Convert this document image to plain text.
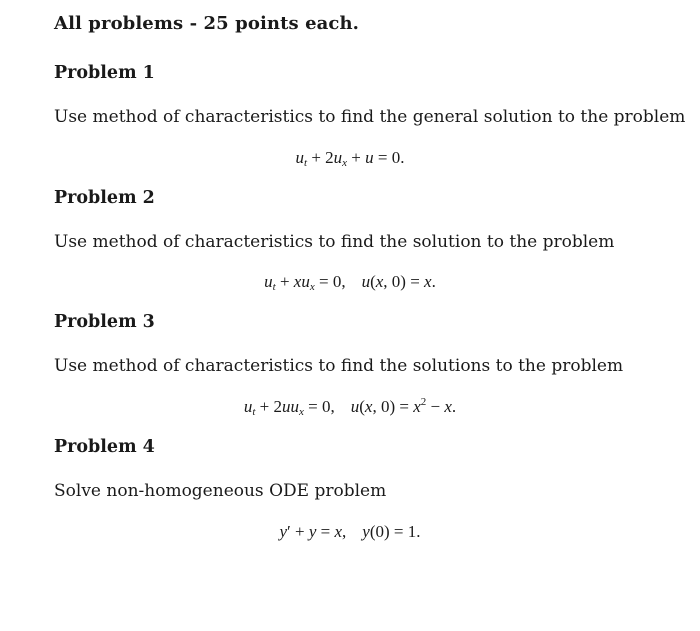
All problems - 25 points each.
Problem 1
Use method of characteristics to find the general solution to the problem
$u_t + 2u_x + u = 0$.
Problem 2
Use method of characteristics to find the solution to the problem
$u_t + xu_x = 0$, u(x, 0) = x.
Problem 3
Use method of characteristics to find the solutions to the problem
$u_t + 2uu_x = 0$, u(x, $0) = x^2 - x$.
Problem 4
Solve non-homogeneous ODE problem
y′ + y = x, y(0) = 1.
